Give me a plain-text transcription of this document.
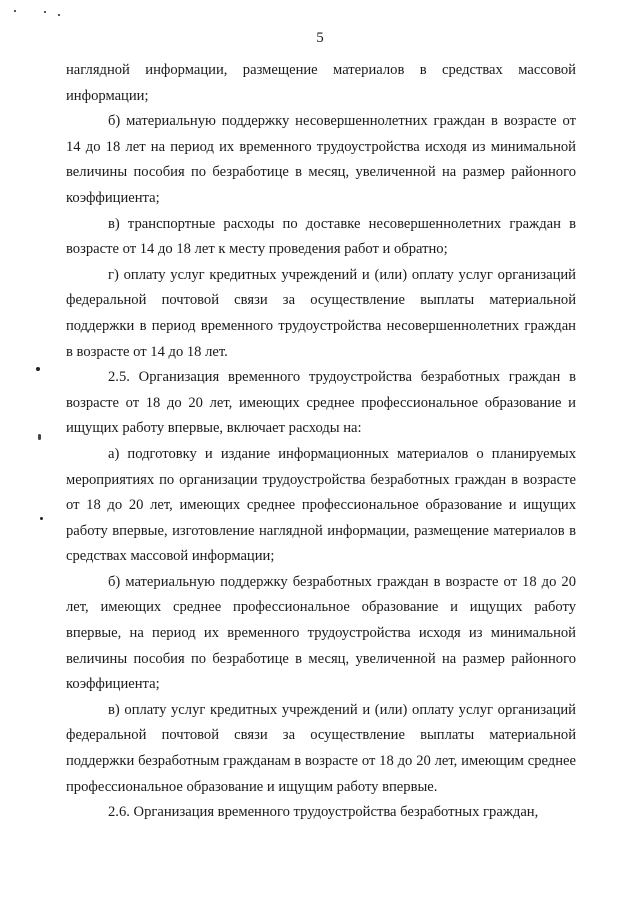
5

наглядной информации, размещение материалов в средствах массовой информации;

б) материальную поддержку несовершеннолетних граждан в возрасте от 14 до 18 лет на период их временного трудоустройства исходя из минимальной величины пособия по безработице в месяц, увеличенной на размер районного коэффициента;

в) транспортные расходы по доставке несовершеннолетних граждан в возрасте от 14 до 18 лет к месту проведения работ и обратно;

г) оплату услуг кредитных учреждений и (или) оплату услуг организаций федеральной почтовой связи за осуществление выплаты материальной поддержки в период временного трудоустройства несовершеннолетних граждан в возрасте от 14 до 18 лет.

2.5. Организация временного трудоустройства безработных граждан в возрасте от 18 до 20 лет, имеющих среднее профессиональное образование и ищущих работу впервые, включает расходы на:

а) подготовку и издание информационных материалов о планируемых мероприятиях по организации трудоустройства безработных граждан в возрасте от 18 до 20 лет, имеющих среднее профессиональное образование и ищущих работу впервые, изготовление наглядной информации, размещение материалов в средствах массовой информации;

б) материальную поддержку безработных граждан в возрасте от 18 до 20 лет, имеющих среднее профессиональное образование и ищущих работу впервые, на период их временного трудоустройства исходя из минимальной величины пособия по безработице в месяц, увеличенной на размер районного коэффициента;

в) оплату услуг кредитных учреждений и (или) оплату услуг организаций федеральной почтовой связи за осуществление выплаты материальной поддержки безработным гражданам в возрасте от 18 до 20 лет, имеющим среднее профессиональное образование и ищущим работу впервые.

2.6. Организация временного трудоустройства безработных граждан,
